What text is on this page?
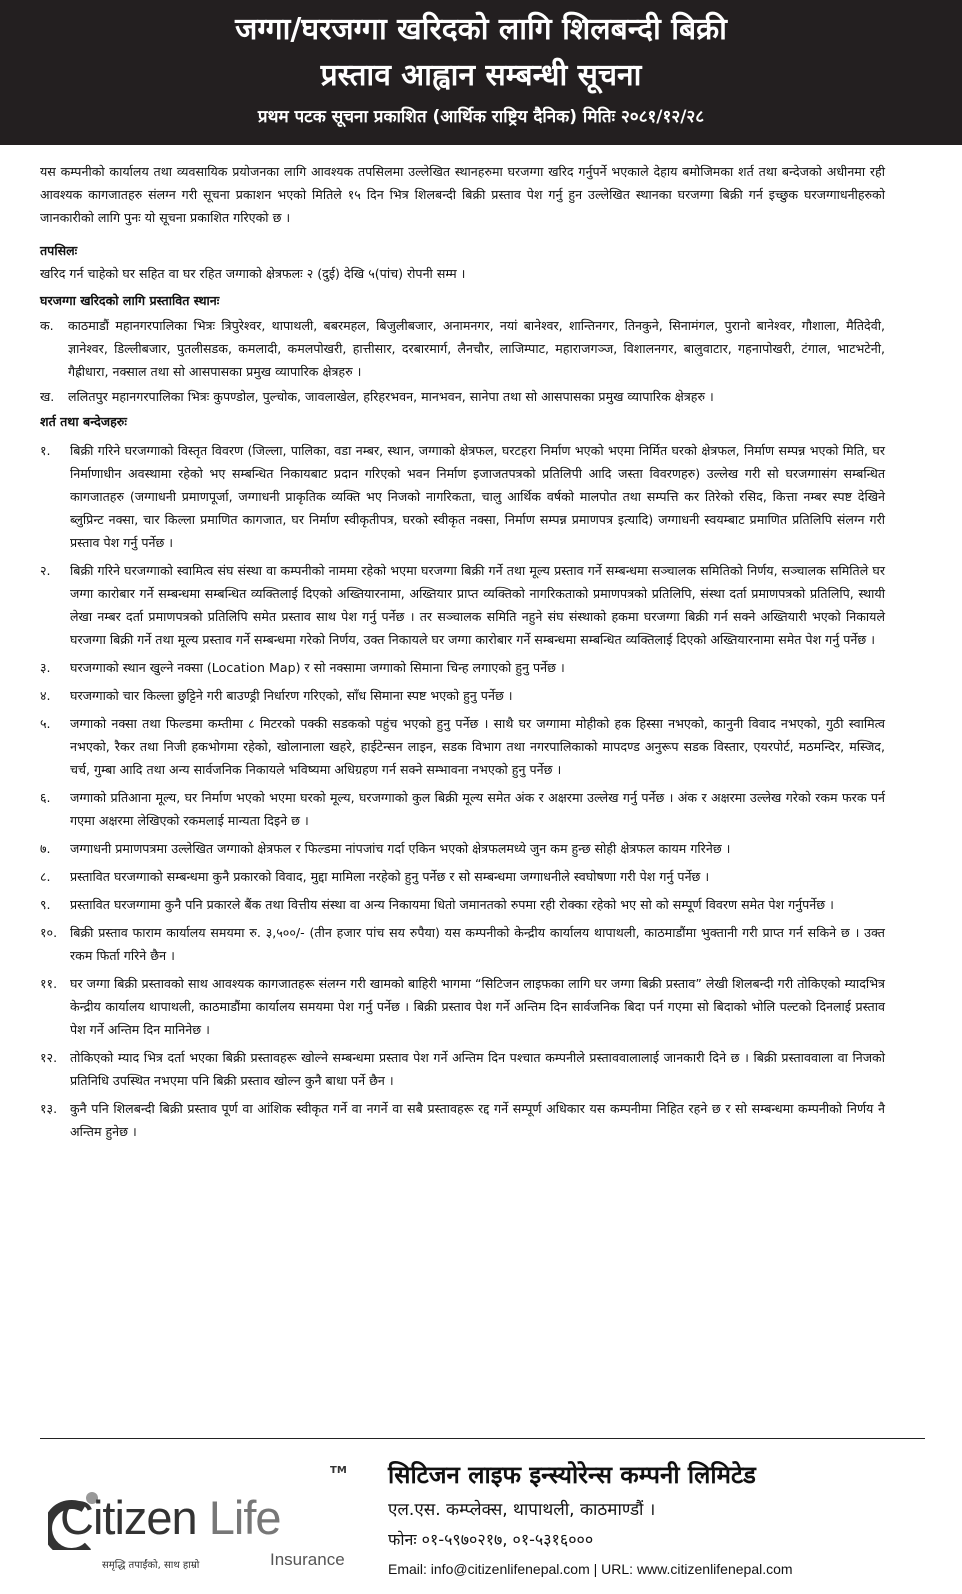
जग्गा/घरजग्गा खरिदको लागि शिलबन्दी बिक्री
प्रस्ताव आह्वान सम्बन्धी सूचना
प्रथम पटक सूचना प्रकाशित (आर्थिक राष्ट्रिय दैनिक) मितिः २०८१/१२/२८

यस कम्पनीको कार्यालय तथा व्यवसायिक प्रयोजनका लागि आवश्यक तपसिलमा उल्लेखित स्थानहरुमा घरजग्गा खरिद गर्नुपर्ने भएकाले देहाय बमोजिमका शर्त तथा बन्देजको अधीनमा रही आवश्यक कागजातहरु संलग्न गरी सूचना प्रकाशन भएको मितिले १५ दिन भित्र शिलबन्दी बिक्री प्रस्ताव पेश गर्नु हुन उल्लेखित स्थानका घरजग्गा बिक्री गर्न इच्छुक घरजग्गाधनीहरुको जानकारीको लागि पुनः यो सूचना प्रकाशित गरिएको छ ।

तपसिलः

खरिद गर्न चाहेको घर सहित वा घर रहित जग्गाको क्षेत्रफलः २ (दुई) देखि ५(पांच) रोपनी सम्म ।

घरजग्गा खरिदको लागि प्रस्तावित स्थानः

क.	काठमाडौं महानगरपालिका भित्रः त्रिपुरेश्वर, थापाथली, बबरमहल, बिजुलीबजार, अनामनगर, नयां बानेश्वर, शान्तिनगर, तिनकुने, सिनामंगल, पुरानो बानेश्वर, गौशाला, मैतिदेवी, ज्ञानेश्वर, डिल्लीबजार, पुतलीसडक, कमलादी, कमलपोखरी, हात्तीसार, दरबारमार्ग, लैनचौर, लाजिम्पाट, महाराजगञ्ज, विशालनगर, बालुवाटार, गहनापोखरी, टंगाल, भाटभटेनी, गैह्रीधारा, नक्साल तथा सो आसपासका प्रमुख व्यापारिक क्षेत्रहरु ।
ख.	ललितपुर महानगरपालिका भित्रः कुपण्डोल, पुल्चोक, जावलाखेल, हरिहरभवन, मानभवन, सानेपा तथा सो आसपासका प्रमुख व्यापारिक क्षेत्रहरु ।

शर्त तथा बन्देजहरुः

१.	बिक्री गरिने घरजग्गाको विस्तृत विवरण (जिल्ला, पालिका, वडा नम्बर, स्थान, जग्गाको क्षेत्रफल, घरटहरा निर्माण भएको भएमा निर्मित घरको क्षेत्रफल, निर्माण सम्पन्न भएको मिति, घर निर्माणाधीन अवस्थामा रहेको भए सम्बन्धित निकायबाट प्रदान गरिएको भवन निर्माण इजाजतपत्रको प्रतिलिपी आदि जस्ता विवरणहरु) उल्लेख गरी सो घरजग्गासंग सम्बन्धित कागजातहरु (जग्गाधनी प्रमाणपूर्जा, जग्गाधनी प्राकृतिक व्यक्ति भए निजको नागरिकता, चालु आर्थिक वर्षको मालपोत तथा सम्पत्ति कर तिरेको रसिद, कित्ता नम्बर स्पष्ट देखिने ब्लुप्रिन्ट नक्सा, चार किल्ला प्रमाणित कागजात, घर निर्माण स्वीकृतीपत्र, घरको स्वीकृत नक्सा, निर्माण सम्पन्न प्रमाणपत्र इत्यादि) जग्गाधनी स्वयम्बाट प्रमाणित प्रतिलिपि संलग्न गरी प्रस्ताव पेश गर्नु पर्नेछ ।
२.	बिक्री गरिने घरजग्गाको स्वामित्व संघ संस्था वा कम्पनीको नाममा रहेको भएमा घरजग्गा बिक्री गर्ने तथा मूल्य प्रस्ताव गर्ने सम्बन्धमा सञ्चालक समितिको निर्णय, सञ्चालक समितिले घर जग्गा कारोबार गर्ने सम्बन्धमा सम्बन्धित व्यक्तिलाई दिएको अख्तियारनामा, अख्तियार प्राप्त व्यक्तिको नागरिकताको प्रमाणपत्रको प्रतिलिपि, संस्था दर्ता प्रमाणपत्रको प्रतिलिपि, स्थायी लेखा नम्बर दर्ता प्रमाणपत्रको प्रतिलिपि समेत प्रस्ताव साथ पेश गर्नु पर्नेछ । तर सञ्चालक समिति नहुने संघ संस्थाको हकमा घरजग्गा बिक्री गर्न सक्ने अख्तियारी भएको निकायले घरजग्गा बिक्री गर्ने तथा मूल्य प्रस्ताव गर्ने सम्बन्धमा गरेको निर्णय, उक्त निकायले घर जग्गा कारोबार गर्ने सम्बन्धमा सम्बन्धित व्यक्तिलाई दिएको अख्तियारनामा समेत पेश गर्नु पर्नेछ ।
३.	घरजग्गाको स्थान खुल्ने नक्सा (Location Map) र सो नक्सामा जग्गाको सिमाना चिन्ह लगाएको हुनु पर्नेछ ।
४.	घरजग्गाको चार किल्ला छुट्टिने गरी बाउण्ड्री निर्धारण गरिएको, साँध सिमाना स्पष्ट भएको हुनु पर्नेछ ।
५.	जग्गाको नक्सा तथा फिल्डमा कम्तीमा ८ मिटरको पक्की सडकको पहुंच भएको हुनु पर्नेछ । साथै घर जग्गामा मोहीको हक हिस्सा नभएको, कानुनी विवाद नभएको, गुठी स्वामित्व नभएको, रैकर तथा निजी हकभोगमा रहेको, खोलानाला खहरे, हाईटेन्सन लाइन, सडक विभाग तथा नगरपालिकाको मापदण्ड अनुरूप सडक विस्तार, एयरपोर्ट, मठमन्दिर, मस्जिद, चर्च, गुम्बा आदि तथा अन्य सार्वजनिक निकायले भविष्यमा अधिग्रहण गर्न सक्ने सम्भावना नभएको हुनु पर्नेछ ।
६.	जग्गाको प्रतिआना मूल्य, घर निर्माण भएको भएमा घरको मूल्य, घरजग्गाको कुल बिक्री मूल्य समेत अंक र अक्षरमा उल्लेख गर्नु पर्नेछ । अंक र अक्षरमा उल्लेख गरेको रकम फरक पर्न गएमा अक्षरमा लेखिएको रकमलाई मान्यता दिइने छ ।
७.	जग्गाधनी प्रमाणपत्रमा उल्लेखित जग्गाको क्षेत्रफल र फिल्डमा नांपजांच गर्दा एकिन भएको क्षेत्रफलमध्ये जुन कम हुन्छ सोही क्षेत्रफल कायम गरिनेछ ।
८.	प्रस्तावित घरजग्गाको सम्बन्धमा कुनै प्रकारको विवाद, मुद्दा मामिला नरहेको हुनु पर्नेछ र सो सम्बन्धमा जग्गाधनीले स्वघोषणा गरी पेश गर्नु पर्नेछ ।
९.	प्रस्तावित घरजग्गामा कुनै पनि प्रकारले बैंक तथा वित्तीय संस्था वा अन्य निकायमा धितो जमानतको रुपमा रही रोक्का रहेको भए सो को सम्पूर्ण विवरण समेत पेश गर्नुपर्नेछ ।
१०.	बिक्री प्रस्ताव फाराम कार्यालय समयमा रु. ३,५००/- (तीन हजार पांच सय रुपैया) यस कम्पनीको केन्द्रीय कार्यालय थापाथली, काठमाडौंमा भुक्तानी गरी प्राप्त गर्न सकिने छ । उक्त रकम फिर्ता गरिने छैन ।
११.	घर जग्गा बिक्री प्रस्तावको साथ आवश्यक कागजातहरू संलग्न गरी खामको बाहिरी भागमा “सिटिजन लाइफका लागि घर जग्गा बिक्री प्रस्ताव” लेखी शिलबन्दी गरी तोकिएको म्यादभित्र केन्द्रीय कार्यालय थापाथली, काठमाडौंमा कार्यालय समयमा पेश गर्नु पर्नेछ । बिक्री प्रस्ताव पेश गर्ने अन्तिम दिन सार्वजनिक बिदा पर्न गएमा सो बिदाको भोलि पल्टको दिनलाई प्रस्ताव पेश गर्ने अन्तिम दिन मानिनेछ ।
१२.	तोकिएको म्याद भित्र दर्ता भएका बिक्री प्रस्तावहरू खोल्ने सम्बन्धमा प्रस्ताव पेश गर्ने अन्तिम दिन पश्चात कम्पनीले प्रस्ताववालालाई जानकारी दिने छ । बिक्री प्रस्ताववाला वा निजको प्रतिनिधि उपस्थित नभएमा पनि बिक्री प्रस्ताव खोल्न कुनै बाधा पर्ने छैन ।
१३.	कुनै पनि शिलबन्दी बिक्री प्रस्ताव पूर्ण वा आंशिक स्वीकृत गर्ने वा नगर्ने वा सबै प्रस्तावहरू रद्द गर्ने सम्पूर्ण अधिकार यस कम्पनीमा निहित रहने छ र सो सम्बन्धमा कम्पनीको निर्णय नै अन्तिम हुनेछ ।
Citizen Life
TM
Insurance
समृद्धि तपाईंको, साथ हाम्रो
सिटिजन लाइफ इन्स्योरेन्स कम्पनी लिमिटेड
एल.एस. कम्प्लेक्स, थापाथली, काठमाण्डौं ।
फोनः ०१-५९७०२१७, ०१-५३१६०००
Email: info@citizenlifenepal.com | URL: www.citizenlifenepal.com
